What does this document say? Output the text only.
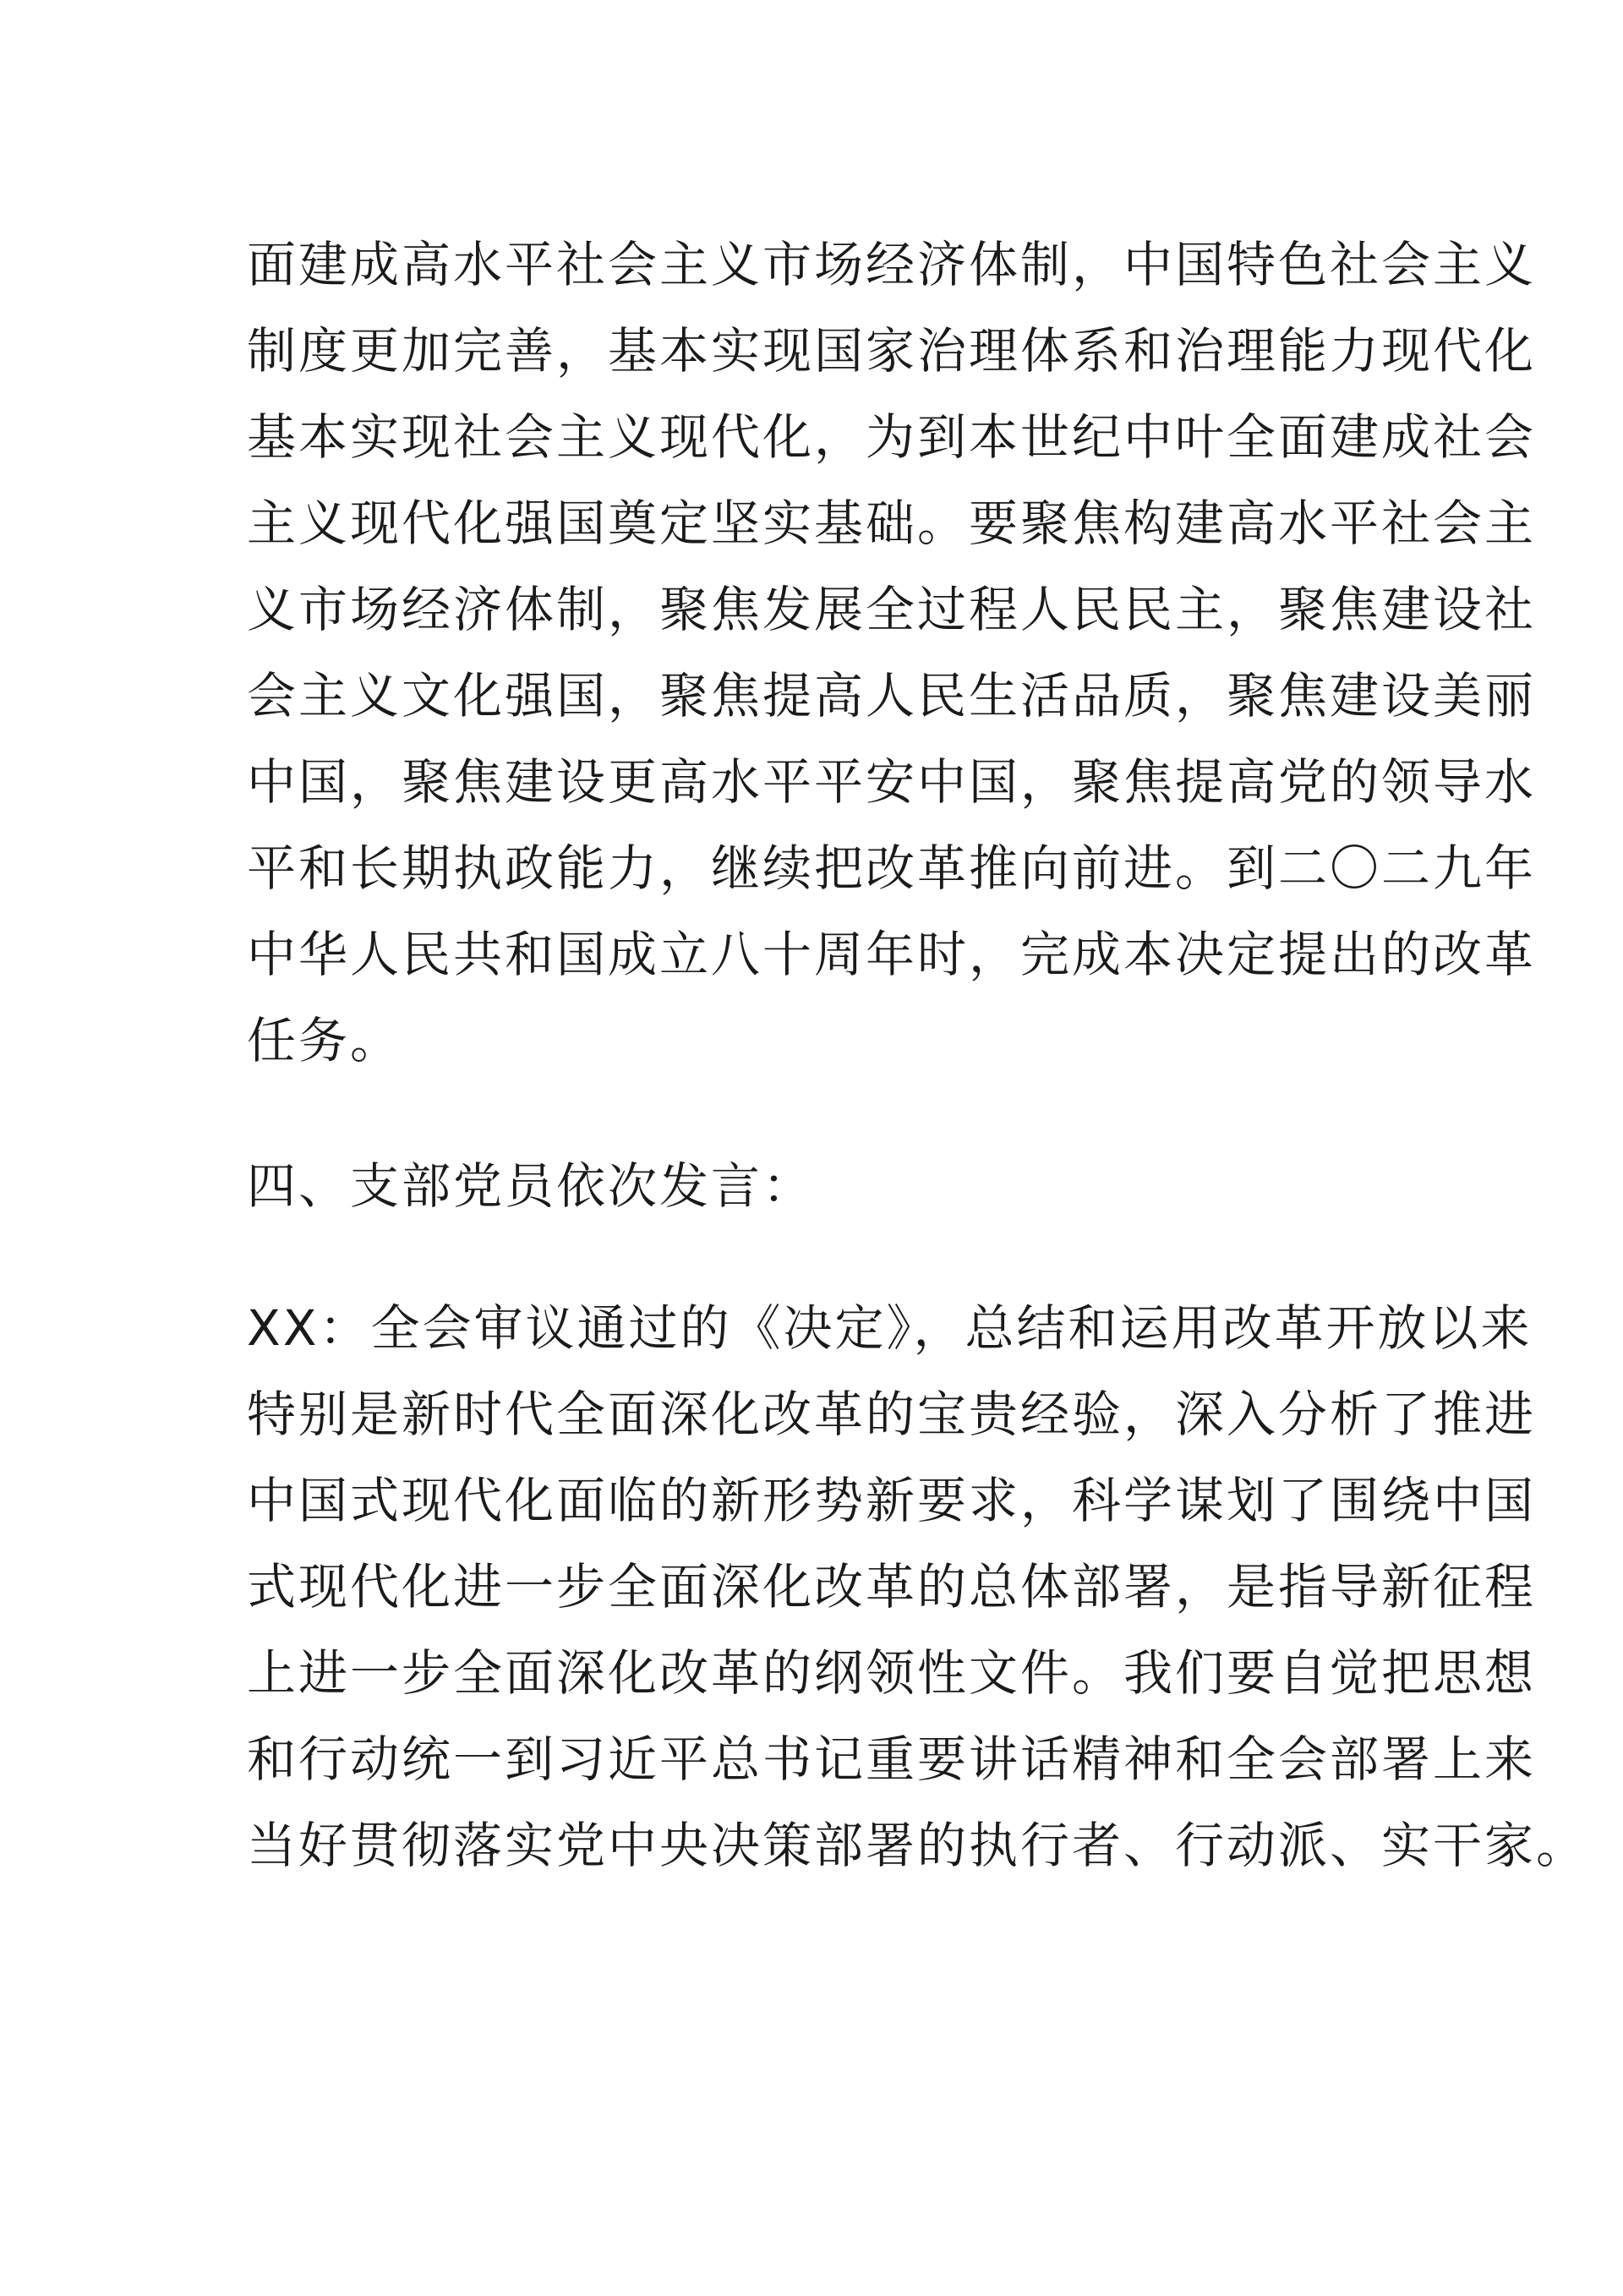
面建成高水平社会主义市场经济体制，中国特色社会主义
制度更加完善，基本实现国家治理体系和治理能力现代化
基本实现社会主义现代化，为到本世纪中叶全面建成社会
主义现代化强国奠定坚实基础。要聚焦构建高水平社会主
义市场经济体制，聚焦发展全过程人民民主，聚焦建设社
会主义文化强国，聚焦提高人民生活品质，聚焦建设美丽
中国，聚焦建设更高水平平安中国，聚焦提高党的领导水
平和长期执政能力，继续把改革推向前进。到二〇二九年
中华人民共和国成立八十周年时，完成本决定提出的改革
任务。
四、支部党员依次发言：
XX：全会审议通过的《决定》，总结和运用改革开放以来
特别是新时代全面深化改革的宝贵经验，深入分析了推进
中国式现代化面临的新形势新要求，科学谋划了围绕中国
式现代化进一步全面深化改革的总体部署，是指导新征程
上进一步全面深化改革的纲领性文件。我们要自觉把思想
和行动统一到习近平总书记重要讲话精神和全会部署上来
当好贯彻落实党中央决策部署的执行者、行动派、实干家。
